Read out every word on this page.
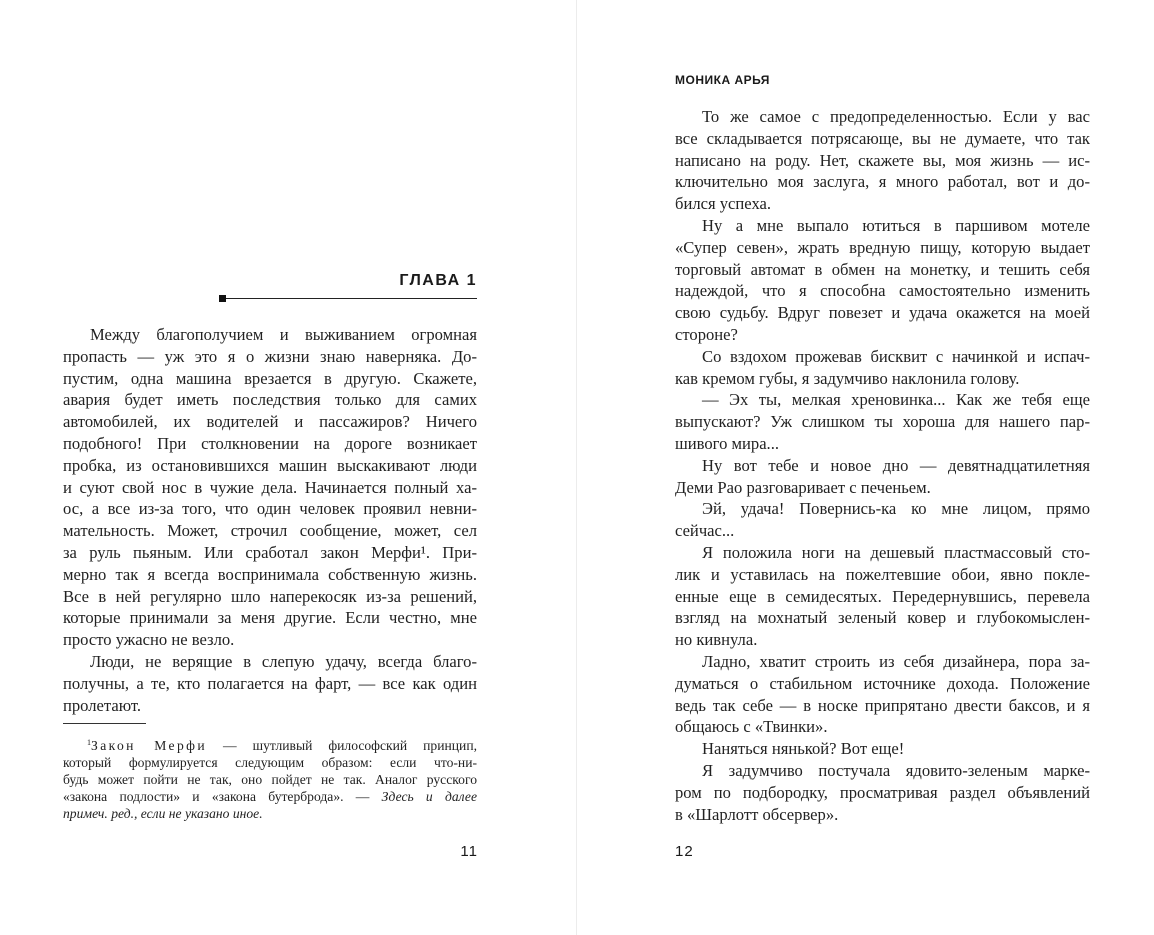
ГЛАВА 1
Между благополучием и выживанием огромная
пропасть — уж это я о жизни знаю наверняка. До-
пустим, одна машина врезается в другую. Скажете,
авария будет иметь последствия только для самих
автомобилей, их водителей и пассажиров? Ничего
подобного! При столкновении на дороге возникает
пробка, из остановившихся машин выскакивают люди
и суют свой нос в чужие дела. Начинается полный ха-
ос, а все из-за того, что один человек проявил невни-
мательность. Может, строчил сообщение, может, сел
за руль пьяным. Или сработал закон Мерфи¹. При-
мерно так я всегда воспринимала собственную жизнь.
Все в ней регулярно шло наперекосяк из-за решений,
которые принимали за меня другие. Если честно, мне
просто ужасно не везло.
Люди, не верящие в слепую удачу, всегда благо-
получны, а те, кто полагается на фарт, — все как один
пролетают.
$^1$Закон Мерфи — шутливый философский принцип,
который формулируется следующим образом: если что-ни-
будь может пойти не так, оно пойдет не так. Аналог русского
«закона подлости» и «закона бутерброда». — Здесь и далее
примеч. ред., если не указано иное.
11
МОНИКА АРЬЯ
То же самое с предопределенностью. Если у вас
все складывается потрясающе, вы не думаете, что так
написано на роду. Нет, скажете вы, моя жизнь — ис-
ключительно моя заслуга, я много работал, вот и до-
бился успеха.
Ну а мне выпало ютиться в паршивом мотеле
«Супер севен», жрать вредную пищу, которую выдает
торговый автомат в обмен на монетку, и тешить себя
надеждой, что я способна самостоятельно изменить
свою судьбу. Вдруг повезет и удача окажется на моей
стороне?
Со вздохом прожевав бисквит с начинкой и испач-
кав кремом губы, я задумчиво наклонила голову.
— Эх ты, мелкая хреновинка... Как же тебя еще
выпускают? Уж слишком ты хороша для нашего пар-
шивого мира...
Ну вот тебе и новое дно — девятнадцатилетняя
Деми Рао разговаривает с печеньем.
Эй, удача! Повернись-ка ко мне лицом, прямо
сейчас...
Я положила ноги на дешевый пластмассовый сто-
лик и уставилась на пожелтевшие обои, явно покле-
енные еще в семидесятых. Передернувшись, перевела
взгляд на мохнатый зеленый ковер и глубокомыслен-
но кивнула.
Ладно, хватит строить из себя дизайнера, пора за-
думаться о стабильном источнике дохода. Положение
ведь так себе — в носке припрятано двести баксов, и я
общаюсь с «Твинки».
Наняться нянькой? Вот еще!
Я задумчиво постучала ядовито-зеленым марке-
ром по подбородку, просматривая раздел объявлений
в «Шарлотт обсервер».
12
